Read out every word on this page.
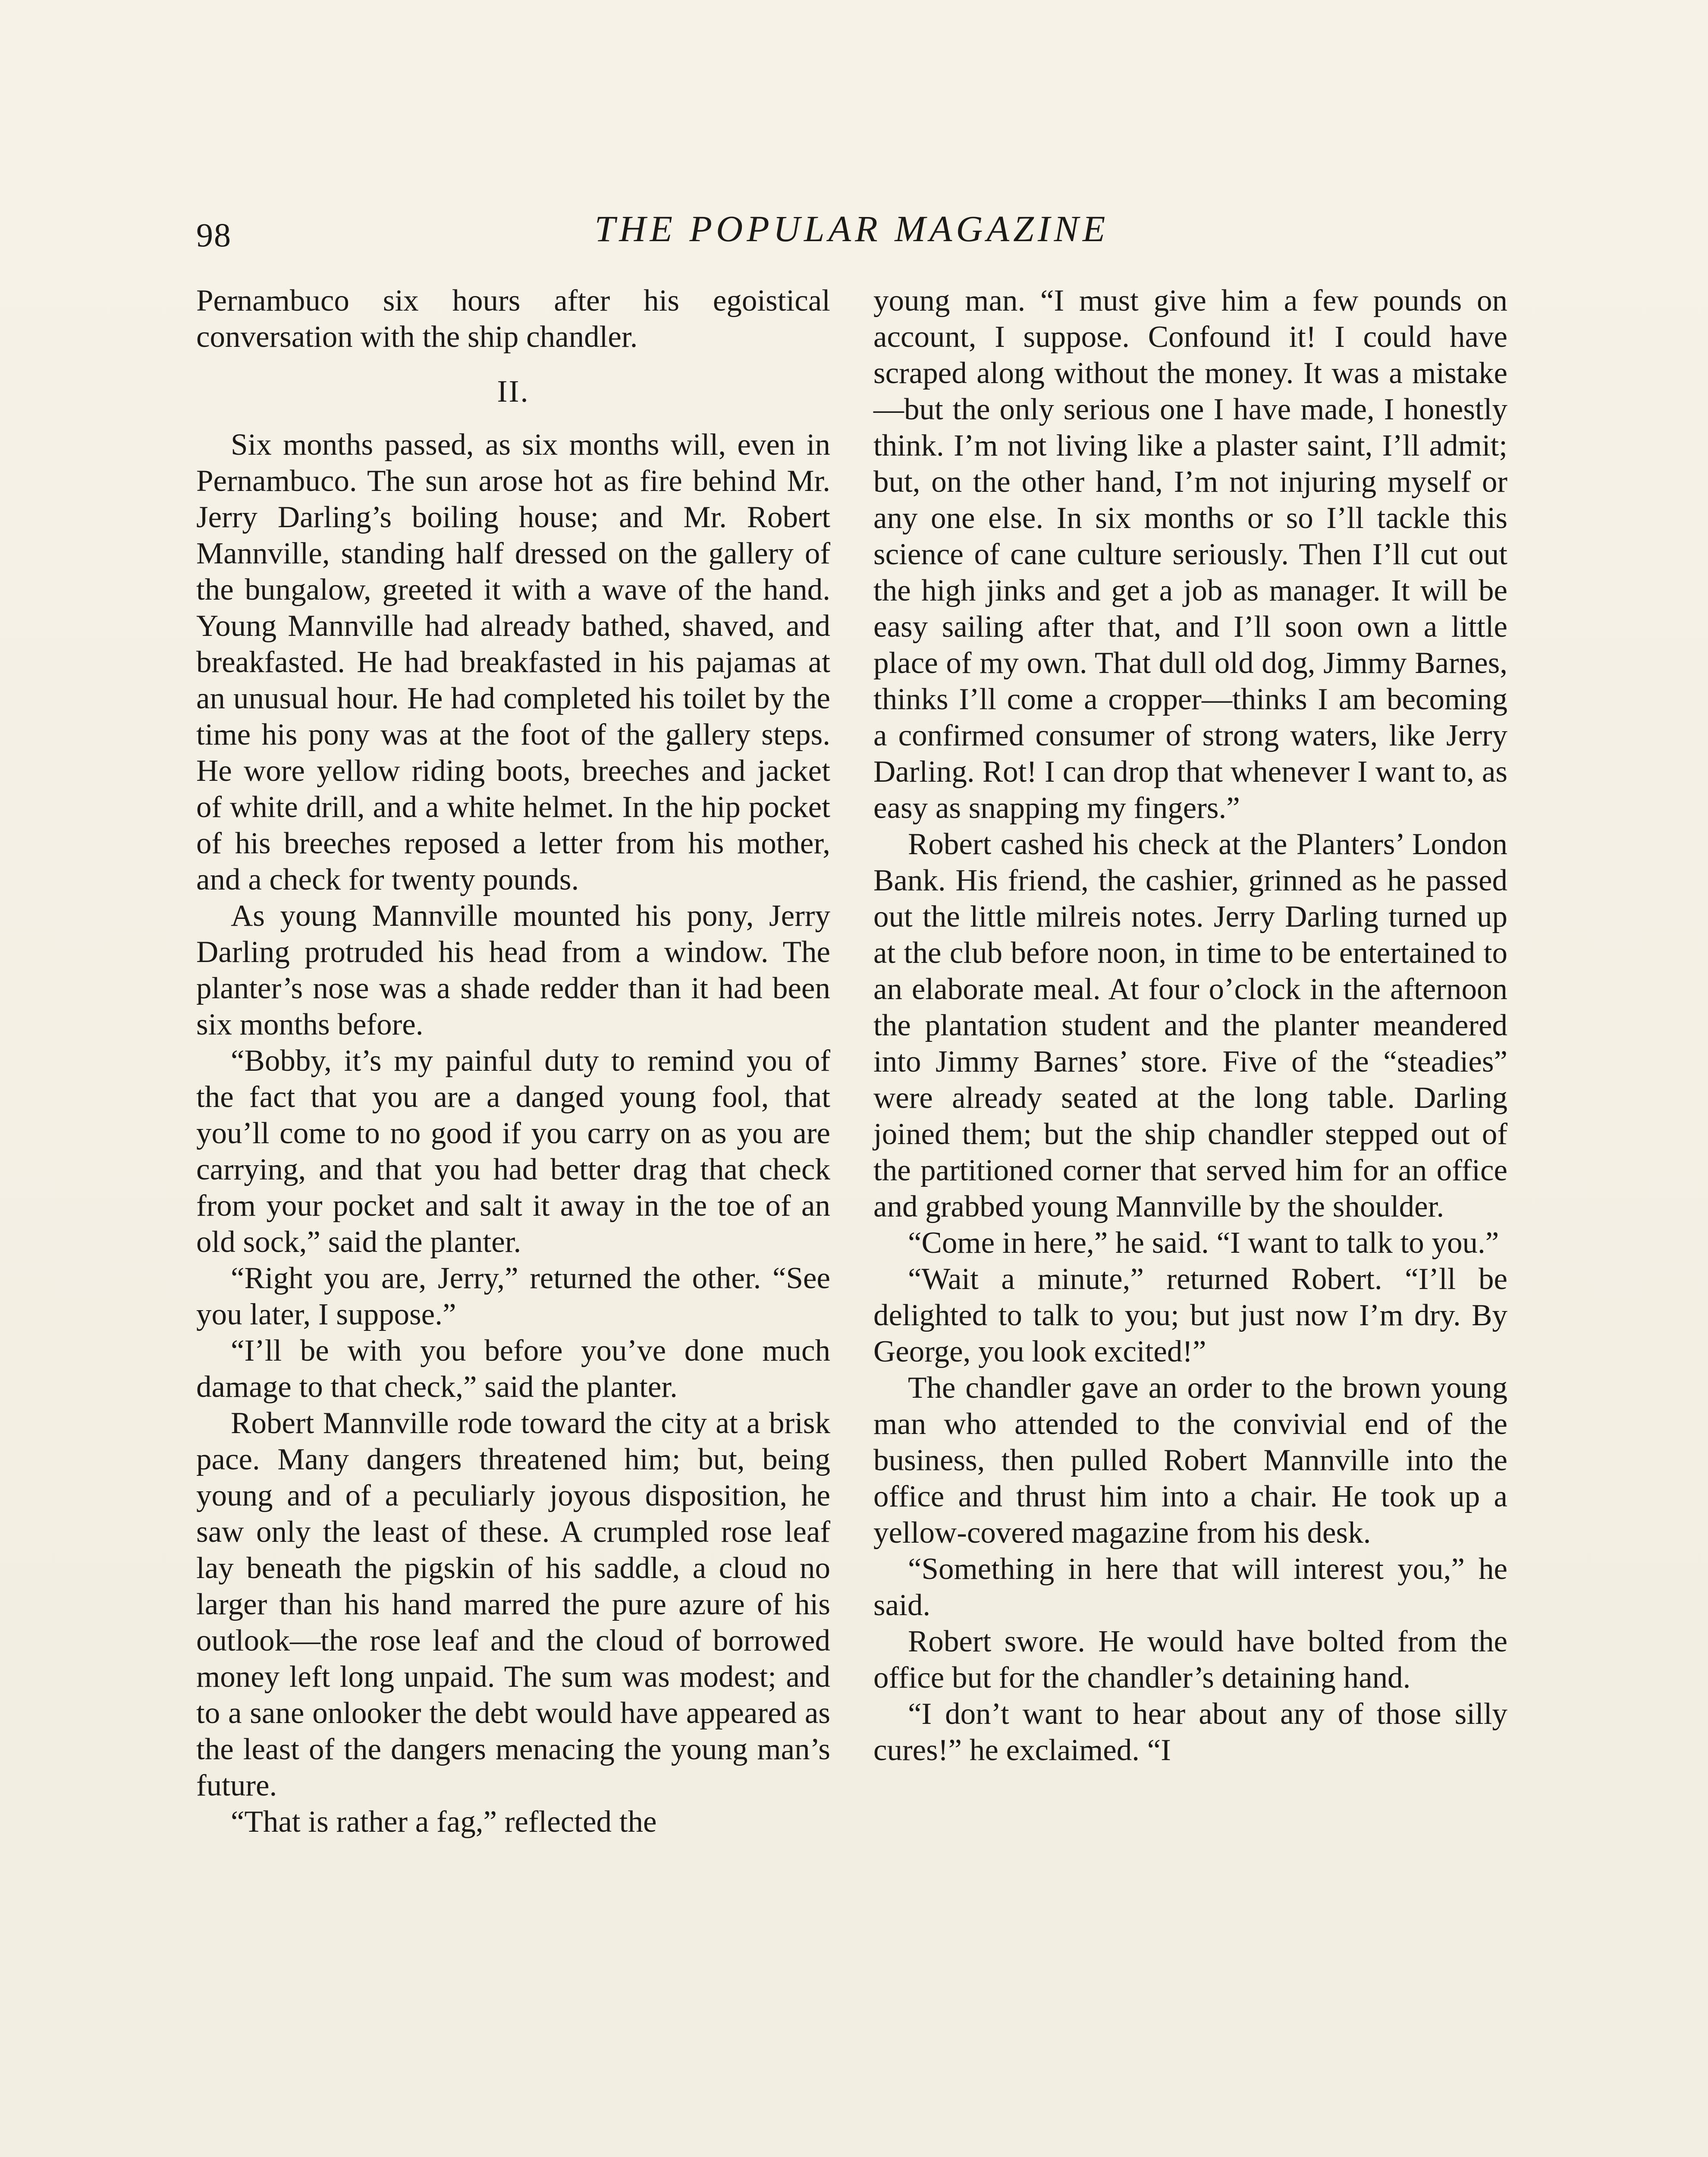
98	THE POPULAR MAGAZINE

Pernambuco six hours after his egoistical conversation with the ship chandler.

II.

Six months passed, as six months will, even in Pernambuco. The sun arose hot as fire behind Mr. Jerry Darling’s boiling house; and Mr. Robert Mannville, standing half dressed on the gallery of the bungalow, greeted it with a wave of the hand. Young Mannville had already bathed, shaved, and breakfasted. He had breakfasted in his pajamas at an unusual hour. He had completed his toilet by the time his pony was at the foot of the gallery steps. He wore yellow riding boots, breeches and jacket of white drill, and a white helmet. In the hip pocket of his breeches reposed a letter from his mother, and a check for twenty pounds.

As young Mannville mounted his pony, Jerry Darling protruded his head from a window. The planter’s nose was a shade redder than it had been six months before.

“Bobby, it’s my painful duty to remind you of the fact that you are a danged young fool, that you’ll come to no good if you carry on as you are carrying, and that you had better drag that check from your pocket and salt it away in the toe of an old sock,” said the planter.

“Right you are, Jerry,” returned the other. “See you later, I suppose.”

“I’ll be with you before you’ve done much damage to that check,” said the planter.

Robert Mannville rode toward the city at a brisk pace. Many dangers threatened him; but, being young and of a peculiarly joyous disposition, he saw only the least of these. A crumpled rose leaf lay beneath the pigskin of his saddle, a cloud no larger than his hand marred the pure azure of his outlook—the rose leaf and the cloud of borrowed money left long unpaid. The sum was modest; and to a sane onlooker the debt would have appeared as the least of the dangers menacing the young man’s future.

“That is rather a fag,” reflected the

young man. “I must give him a few pounds on account, I suppose. Confound it! I could have scraped along without the money. It was a mistake—but the only serious one I have made, I honestly think. I’m not living like a plaster saint, I’ll admit; but, on the other hand, I’m not injuring myself or any one else. In six months or so I’ll tackle this science of cane culture seriously. Then I’ll cut out the high jinks and get a job as manager. It will be easy sailing after that, and I’ll soon own a little place of my own. That dull old dog, Jimmy Barnes, thinks I’ll come a cropper—thinks I am becoming a confirmed consumer of strong waters, like Jerry Darling. Rot! I can drop that whenever I want to, as easy as snapping my fingers.”

Robert cashed his check at the Planters’ London Bank. His friend, the cashier, grinned as he passed out the little milreis notes. Jerry Darling turned up at the club before noon, in time to be entertained to an elaborate meal. At four o’clock in the afternoon the plantation student and the planter meandered into Jimmy Barnes’ store. Five of the “steadies” were already seated at the long table. Darling joined them; but the ship chandler stepped out of the partitioned corner that served him for an office and grabbed young Mannville by the shoulder.

“Come in here,” he said. “I want to talk to you.”

“Wait a minute,” returned Robert. “I’ll be delighted to talk to you; but just now I’m dry. By George, you look excited!”

The chandler gave an order to the brown young man who attended to the convivial end of the business, then pulled Robert Mannville into the office and thrust him into a chair. He took up a yellow-covered magazine from his desk.

“Something in here that will interest you,” he said.

Robert swore. He would have bolted from the office but for the chandler’s detaining hand.

“I don’t want to hear about any of those silly cures!” he exclaimed. “I
